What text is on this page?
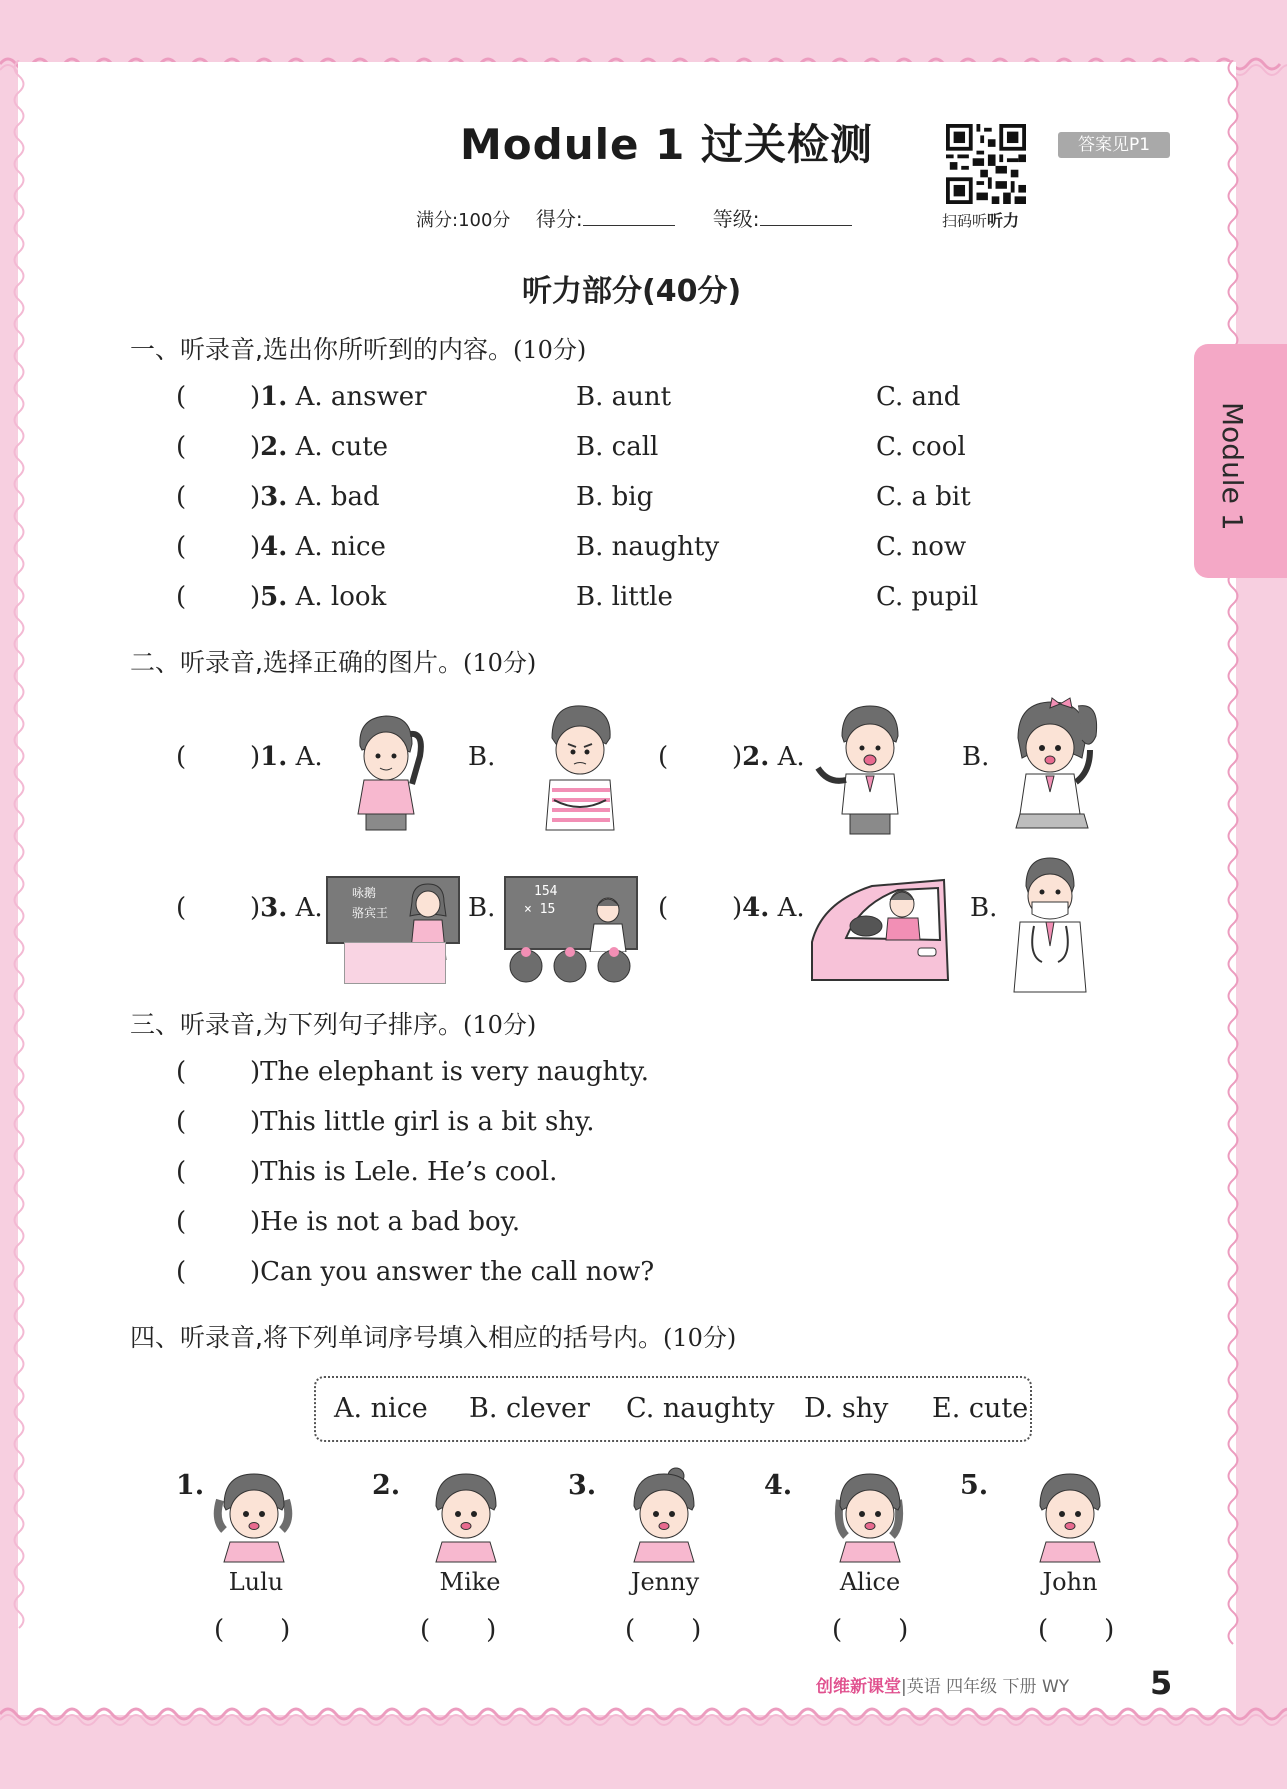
Module 1
Module 1 过关检测
扫码听听力
答案见P1
满分:100分 得分:	等级:
听力部分(40分)
一、听录音,选出你所听到的内容。(10分)
( )1. A. answer	B. aunt	C. and
( )2. A. cute	B. call	C. cool
( )3. A. bad	B. big	C. a bit
( )4. A. nice	B. naughty	C. now
( )5. A. look	B. little	C. pupil
二、听录音,选择正确的图片。(10分)
( )1. A.	B.	( )2. A.	B.
( )3. A.	B.	( )4. A.	B.
咏鹅
骆宾王
154
× 15
三、听录音,为下列句子排序。(10分)
( )The elephant is very naughty.
( )This little girl is a bit shy.
( )This is Lele. He’s cool.
( )He is not a bad boy.
( )Can you answer the call now?
四、听录音,将下列单词序号填入相应的括号内。(10分)
A. nice B. clever C. naughty D. shy E. cute
1.
Lulu
( )
2.
Mike
( )
3.
Jenny
( )
4.
Alice
( )
5.
John
( )
创维新课堂|英语 四年级 下册 WY	5
